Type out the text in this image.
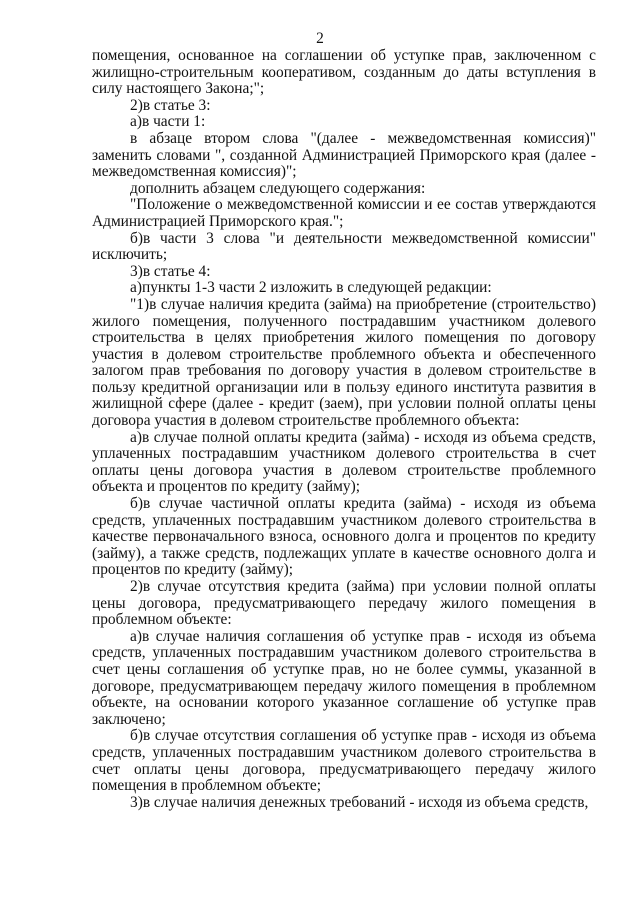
2

помещения, основанное на соглашении об уступке прав, заключенном с жилищно-строительным кооперативом, созданным до даты вступления в силу настоящего Закона;";

2)в статье 3:

а)в части 1:

в абзаце втором слова "(далее - межведомственная комиссия)" заменить словами ", созданной Администрацией Приморского края (далее - межведомственная комиссия)";

дополнить абзацем следующего содержания:

"Положение о межведомственной комиссии и ее состав утверждаются Администрацией Приморского края.";

б)в части 3 слова "и деятельности межведомственной комиссии" исключить;

3)в статье 4:

а)пункты 1-3 части 2 изложить в следующей редакции:

"1)в случае наличия кредита (займа) на приобретение (строительство) жилого помещения, полученного пострадавшим участником долевого строительства в целях приобретения жилого помещения по договору участия в долевом строительстве проблемного объекта и обеспеченного залогом прав требования по договору участия в долевом строительстве в пользу кредитной организации или в пользу единого института развития в жилищной сфере (далее - кредит (заем), при условии полной оплаты цены договора участия в долевом строительстве проблемного объекта:

а)в случае полной оплаты кредита (займа) - исходя из объема средств, уплаченных пострадавшим участником долевого строительства в счет оплаты цены договора участия в долевом строительстве проблемного объекта и процентов по кредиту (займу);

б)в случае частичной оплаты кредита (займа) - исходя из объема средств, уплаченных пострадавшим участником долевого строительства в качестве первоначального взноса, основного долга и процентов по кредиту (займу), а также средств, подлежащих уплате в качестве основного долга и процентов по кредиту (займу);

2)в случае отсутствия кредита (займа) при условии полной оплаты цены договора, предусматривающего передачу жилого помещения в проблемном объекте:

а)в случае наличия соглашения об уступке прав - исходя из объема средств, уплаченных пострадавшим участником долевого строительства в счет цены соглашения об уступке прав, но не более суммы, указанной в договоре, предусматривающем передачу жилого помещения в проблемном объекте, на основании которого указанное соглашение об уступке прав заключено;

б)в случае отсутствия соглашения об уступке прав - исходя из объема средств, уплаченных пострадавшим участником долевого строительства в счет оплаты цены договора, предусматривающего передачу жилого помещения в проблемном объекте;

3)в случае наличия денежных требований - исходя из объема средств,
